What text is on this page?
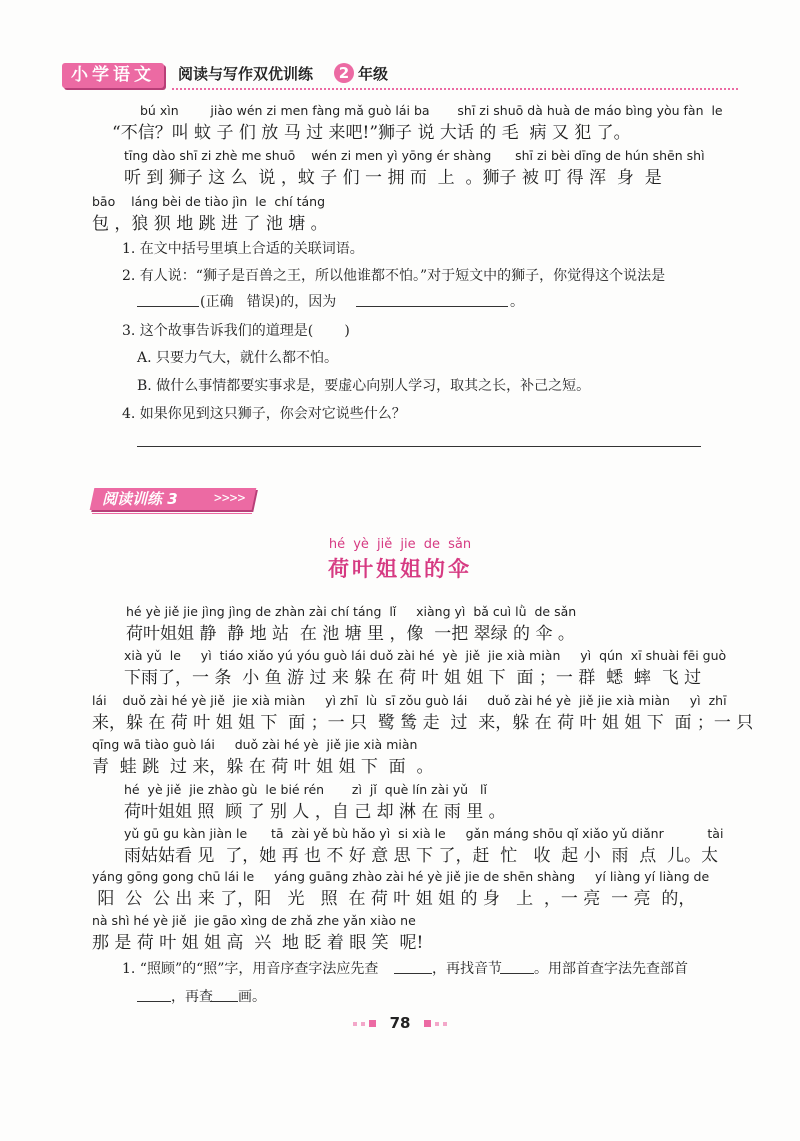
小学语文	阅读与写作双优训练	2 年级
bú xìn        jiào wén zi men fàng mǎ guò lái ba       shī zi shuō dà huà de máo bìng yòu fàn  le
“不信？叫 蚊 子 们 放 马 过 来吧!”狮子 说 大话 的 毛  病 又 犯 了。
tīng dào shī zi zhè me shuō    wén zi men yì yōng ér shàng      shī zi bèi dīng de hún shēn shì
听 到 狮子 这 么  说 ，蚊 子 们 一 拥 而  上  。狮子 被 叮 得 浑  身  是
bāo    láng bèi de tiào jìn  le  chí táng
包 ，狼 狈 地 跳 进 了 池 塘 。
1. 在文中括号里填上合适的关联词语。
2. 有人说：“狮子是百兽之王，所以他谁都不怕。”对于短文中的狮子，你觉得这个说法是
(正确   错误)的，因为	。
3. 这个故事告诉我们的道理是(       )
A. 只要力气大，就什么都不怕。
B. 做什么事情都要实事求是，要虚心向别人学习，取其之长，补己之短。
4. 如果你见到这只狮子，你会对它说些什么？
阅读训练 3	>>>>
hé yè jiě jie de sǎn
荷叶姐姐的伞
hé yè jiě jie jìng jìng de zhàn zài chí táng  lǐ     xiàng yì  bǎ cuì lǜ  de sǎn
荷叶姐姐 静  静 地 站  在 池 塘 里 ，像  一把 翠绿 的 伞 。
xià yǔ  le     yì  tiáo xiǎo yú yóu guò lái duǒ zài hé  yè  jiě  jie xià miàn     yì  qún  xī shuài fēi guò
下雨了，一 条  小 鱼 游 过 来 躲 在 荷 叶 姐 姐 下  面 ；一 群  蟋  蟀  飞 过
lái    duǒ zài hé yè jiě  jie xià miàn     yì zhī  lù  sī zǒu guò lái     duǒ zài hé yè  jiě jie xià miàn     yì  zhī
来，躲 在 荷 叶 姐 姐 下  面 ；一 只  鹭 鸶 走  过  来，躲 在 荷 叶 姐 姐 下  面 ；一 只
qīng wā tiào guò lái     duǒ zài hé yè  jiě jie xià miàn
青  蛙 跳  过 来，躲 在 荷 叶 姐 姐 下  面  。
hé  yè jiě  jie zhào gù  le bié rén       zì  jǐ  què lín zài yǔ   lǐ
荷叶姐姐 照  顾 了 别 人 ，自 己 却 淋 在 雨 里 。
yǔ gū gu kàn jiàn le      tā  zài yě bù hǎo yì  si xià le     gǎn máng shōu qǐ xiǎo yǔ diǎnr           tài
雨姑姑看 见  了，她 再 也 不 好 意 思 下 了，赶  忙   收  起 小  雨  点  儿。太
yáng gōng gong chū lái le     yáng guāng zhào zài hé yè jiě jie de shēn shàng     yí liàng yí liàng de
阳  公  公 出 来 了，阳   光   照  在 荷 叶 姐 姐 的 身   上  ，一 亮  一 亮  的，
nà shì hé yè jiě  jie gāo xìng de zhǎ zhe yǎn xiào ne
那 是 荷 叶 姐 姐 高  兴  地 眨 着 眼 笑  呢!
1. “照顾”的“照”字，用音序查字法应先查	，再找音节 。用部首查字法先查部首
，再查 画。
78
